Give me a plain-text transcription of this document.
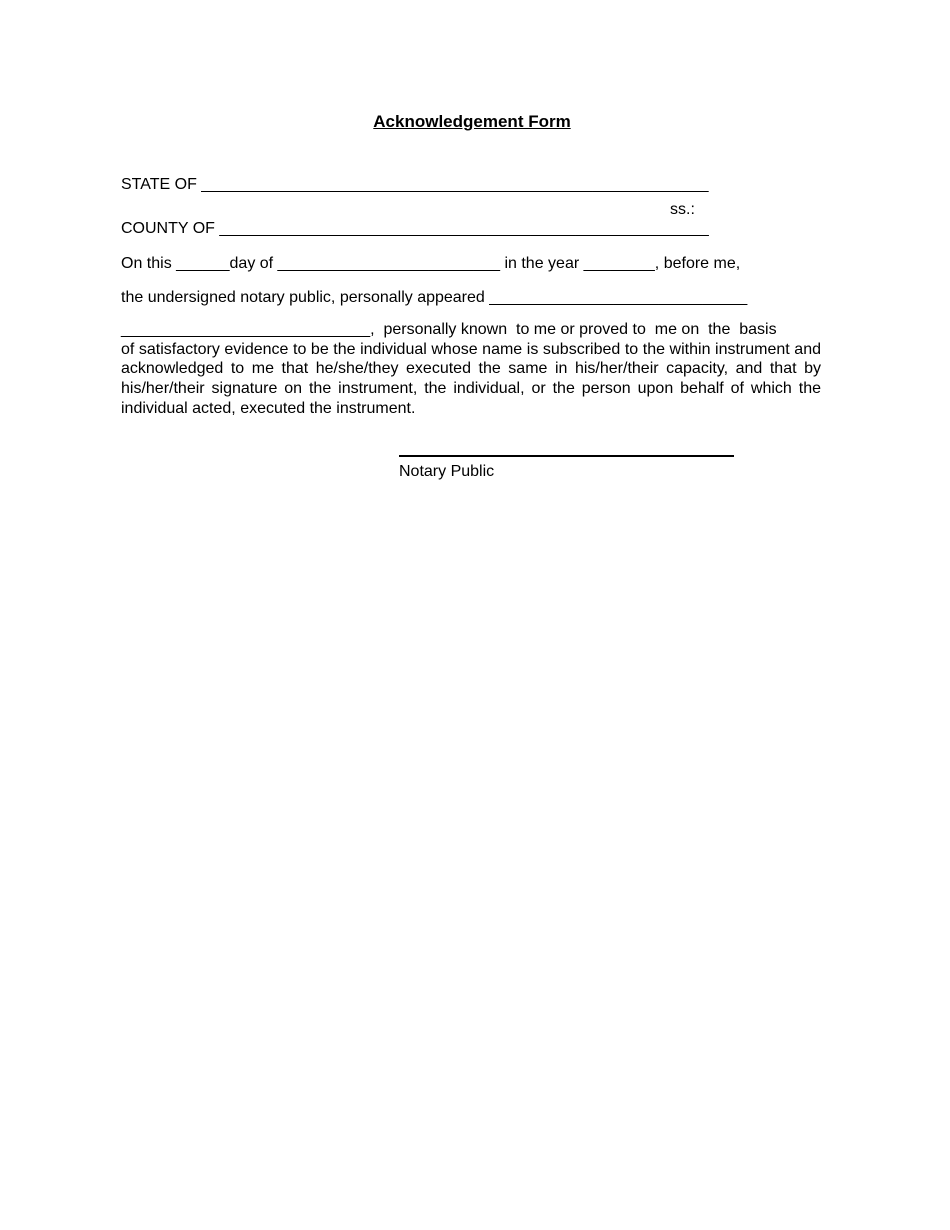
Acknowledgement Form
STATE OF _________________________________________________________
ss.:
COUNTY OF _______________________________________________________
On this ______day of _________________________ in the year ________, before me,
the undersigned notary public, personally appeared _____________________________
____________________________,  personally known  to me or proved to  me on  the  basis
of satisfactory evidence to be the individual whose name is subscribed to the within instrument and acknowledged to me that he/she/they executed the same in his/her/their capacity, and that by his/her/their signature on the instrument, the individual, or the person upon behalf of which the individual acted, executed the instrument.
Notary Public
